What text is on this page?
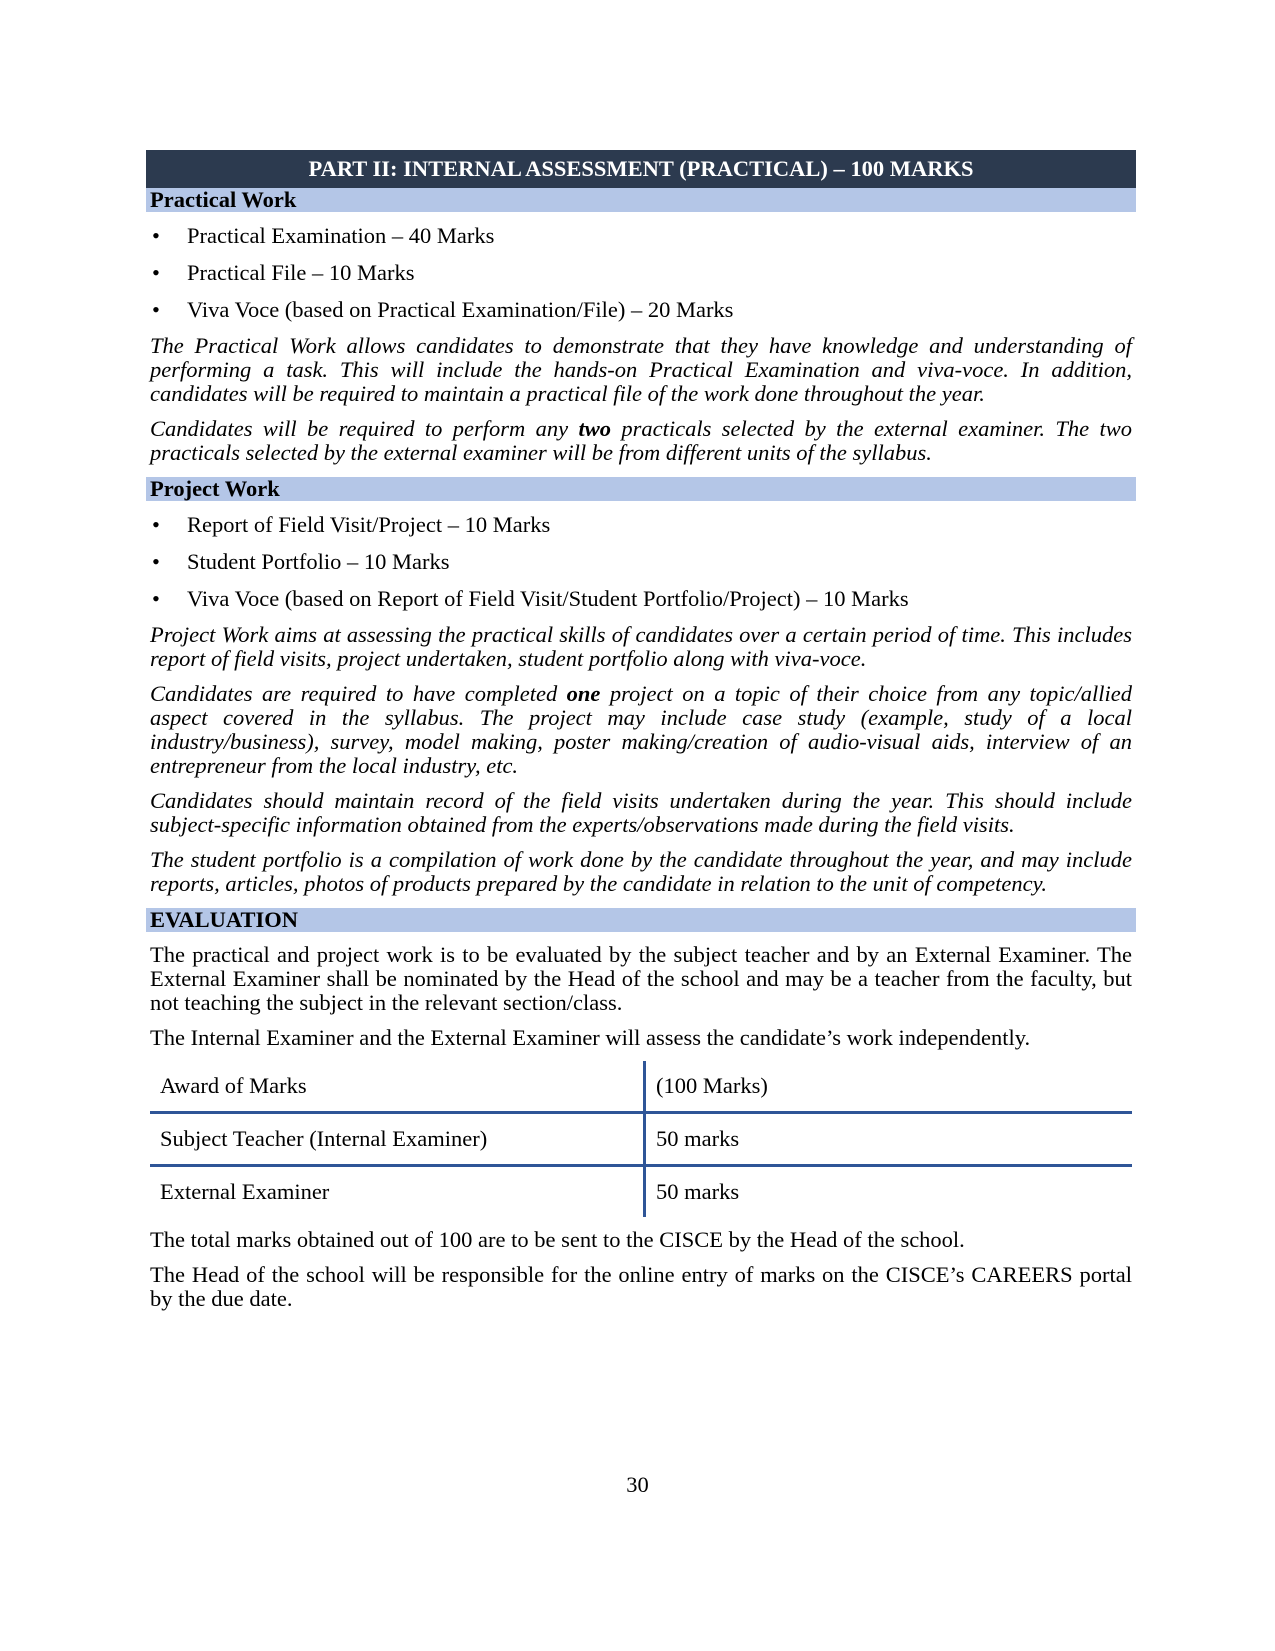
PART II: INTERNAL ASSESSMENT (PRACTICAL) – 100 MARKS
Practical Work
• Practical Examination – 40 Marks
• Practical File – 10 Marks
• Viva Voce (based on Practical Examination/File) – 20 Marks

The Practical Work allows candidates to demonstrate that they have knowledge and understanding of performing a task. This will include the hands-on Practical Examination and viva-voce. In addition, candidates will be required to maintain a practical file of the work done throughout the year.

Candidates will be required to perform any two practicals selected by the external examiner. The two practicals selected by the external examiner will be from different units of the syllabus.

Project Work
• Report of Field Visit/Project – 10 Marks
• Student Portfolio – 10 Marks
• Viva Voce (based on Report of Field Visit/Student Portfolio/Project) – 10 Marks

Project Work aims at assessing the practical skills of candidates over a certain period of time. This includes report of field visits, project undertaken, student portfolio along with viva-voce.

Candidates are required to have completed one project on a topic of their choice from any topic/allied aspect covered in the syllabus. The project may include case study (example, study of a local industry/business), survey, model making, poster making/creation of audio-visual aids, interview of an entrepreneur from the local industry, etc.

Candidates should maintain record of the field visits undertaken during the year. This should include subject-specific information obtained from the experts/observations made during the field visits.

The student portfolio is a compilation of work done by the candidate throughout the year, and may include reports, articles, photos of products prepared by the candidate in relation to the unit of competency.

EVALUATION

The practical and project work is to be evaluated by the subject teacher and by an External Examiner. The External Examiner shall be nominated by the Head of the school and may be a teacher from the faculty, but not teaching the subject in the relevant section/class.

The Internal Examiner and the External Examiner will assess the candidate’s work independently.

Award of Marks	(100 Marks)
Subject Teacher (Internal Examiner)	50 marks
External Examiner	50 marks

The total marks obtained out of 100 are to be sent to the CISCE by the Head of the school.

The Head of the school will be responsible for the online entry of marks on the CISCE’s CAREERS portal by the due date.

30
